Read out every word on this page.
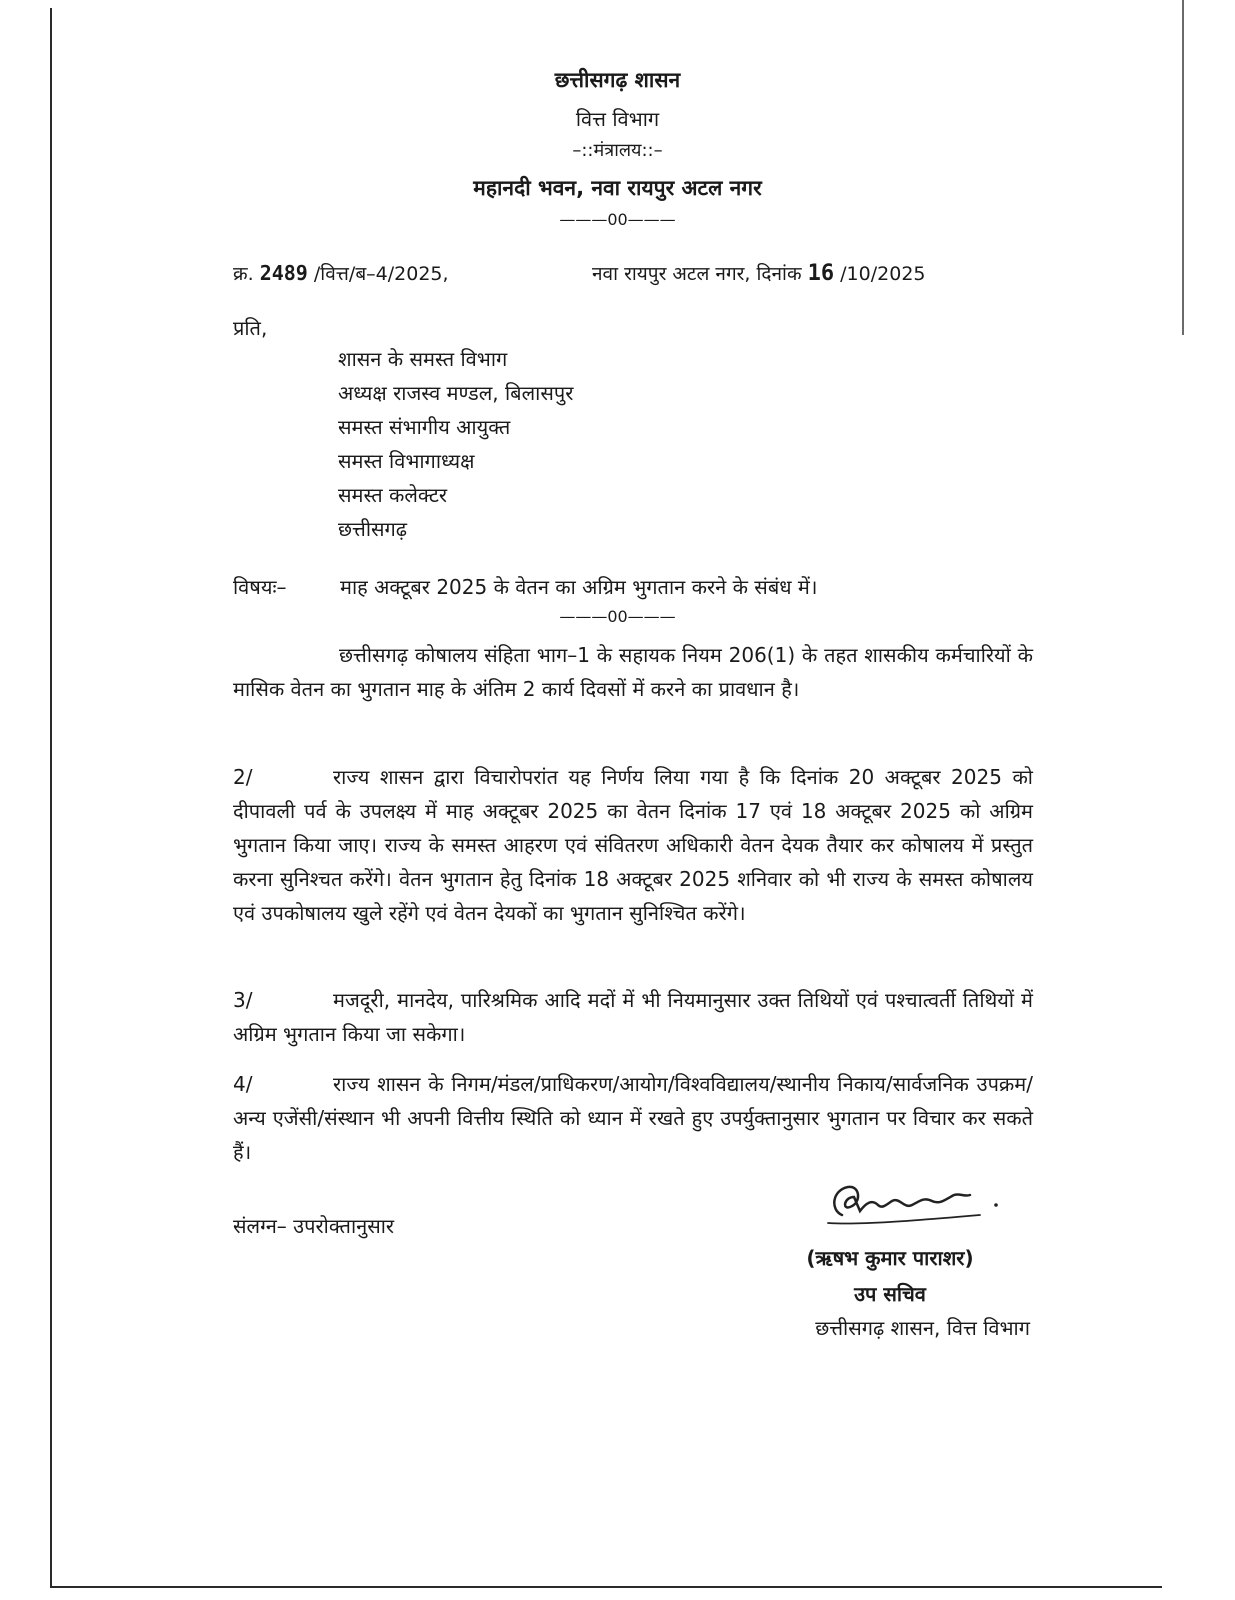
छत्तीसगढ़ शासन
वित्त विभाग
–::मंत्रालय::–
महानदी भवन, नवा रायपुर अटल नगर
———00———
क्र. 2489 /वित्त/ब–4/2025,	नवा रायपुर अटल नगर, दिनांक 16 /10/2025
प्रति,
शासन के समस्त विभाग
अध्यक्ष राजस्व मण्डल, बिलासपुर
समस्त संभागीय आयुक्त
समस्त विभागाध्यक्ष
समस्त कलेक्टर
छत्तीसगढ़
विषयः–	माह अक्टूबर 2025 के वेतन का अग्रिम भुगतान करने के संबंध में।
———00———
छत्तीसगढ़ कोषालय संहिता भाग–1 के सहायक नियम 206(1) के तहत शासकीय कर्मचारियों के मासिक वेतन का भुगतान माह के अंतिम 2 कार्य दिवसों में करने का प्रावधान है।
2/	राज्य शासन द्वारा विचारोपरांत यह निर्णय लिया गया है कि दिनांक 20 अक्टूबर 2025 को दीपावली पर्व के उपलक्ष्य में माह अक्टूबर 2025 का वेतन दिनांक 17 एवं 18 अक्टूबर 2025 को अग्रिम भुगतान किया जाए। राज्य के समस्त आहरण एवं संवितरण अधिकारी वेतन देयक तैयार कर कोषालय में प्रस्तुत करना सुनिश्चत करेंगे। वेतन भुगतान हेतु दिनांक 18 अक्टूबर 2025 शनिवार को भी राज्य के समस्त कोषालय एवं उपकोषालय खुले रहेंगे एवं वेतन देयकों का भुगतान सुनिश्चित करेंगे।
3/	मजदूरी, मानदेय, पारिश्रमिक आदि मदों में भी नियमानुसार उक्त तिथियों एवं पश्चात्वर्ती तिथियों में अग्रिम भुगतान किया जा सकेगा।
4/	राज्य शासन के निगम/मंडल/प्राधिकरण/आयोग/विश्वविद्यालय/स्थानीय निकाय/सार्वजनिक उपक्रम/अन्य एजेंसी/संस्थान भी अपनी वित्तीय स्थिति को ध्यान में रखते हुए उपर्युक्तानुसार भुगतान पर विचार कर सकते हैं।
संलग्न– उपरोक्तानुसार
(ऋषभ कुमार पाराशर)
उप सचिव
छत्तीसगढ़ शासन, वित्त विभाग
